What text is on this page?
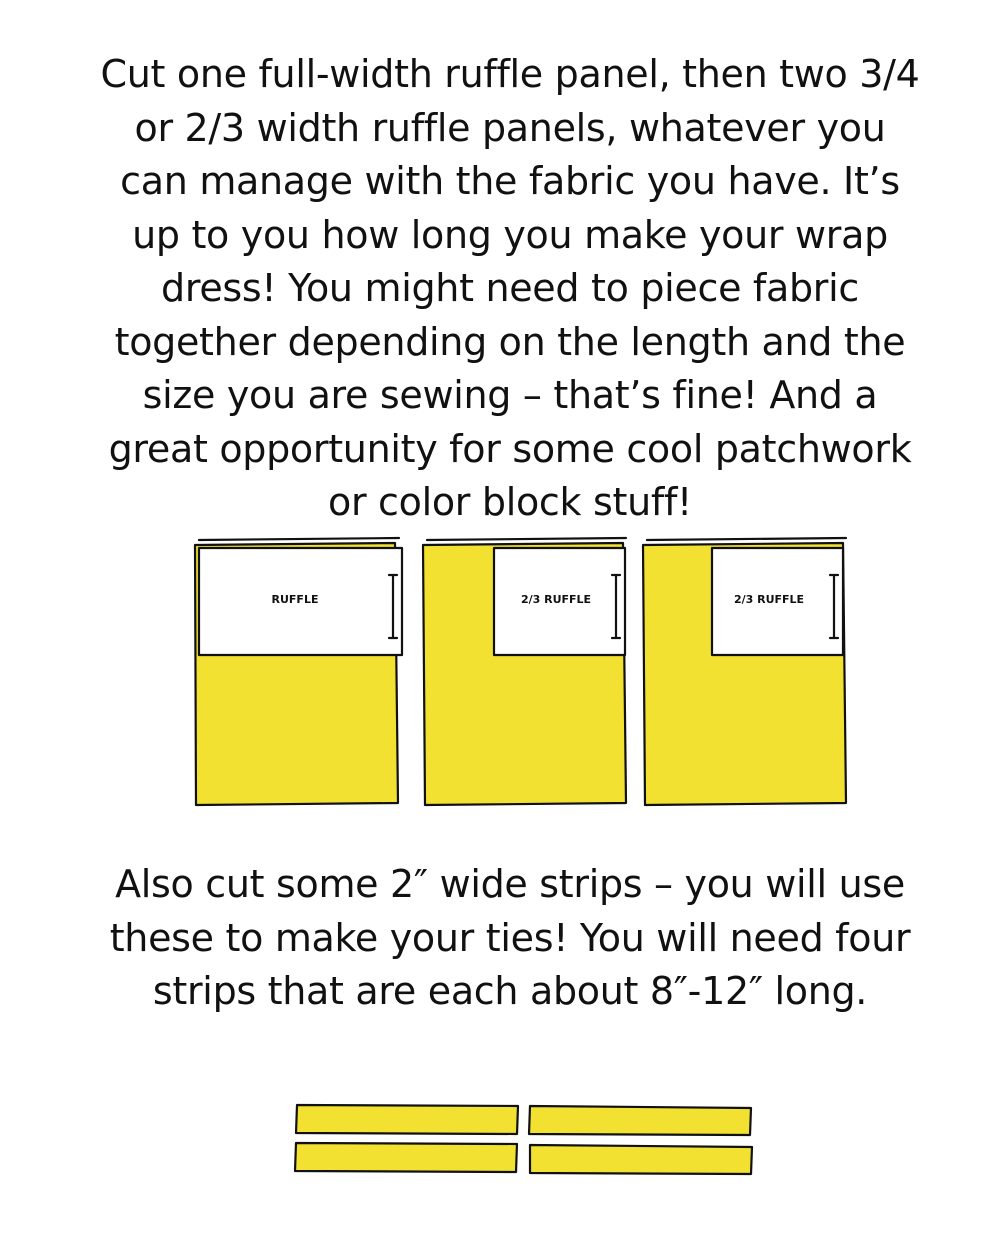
Cut one full-width ruffle panel, then two 3/4 or 2/3 width ruffle panels, whatever you can manage with the fabric you have. It’s up to you how long you make your wrap dress! You might need to piece fabric together depending on the length and the size you are sewing – that’s fine! And a great opportunity for some cool patchwork or color block stuff!

RUFFLE	2/3 RUFFLE	2/3 RUFFLE

Also cut some 2″ wide strips – you will use these to make your ties! You will need four strips that are each about 8″-12″ long.
